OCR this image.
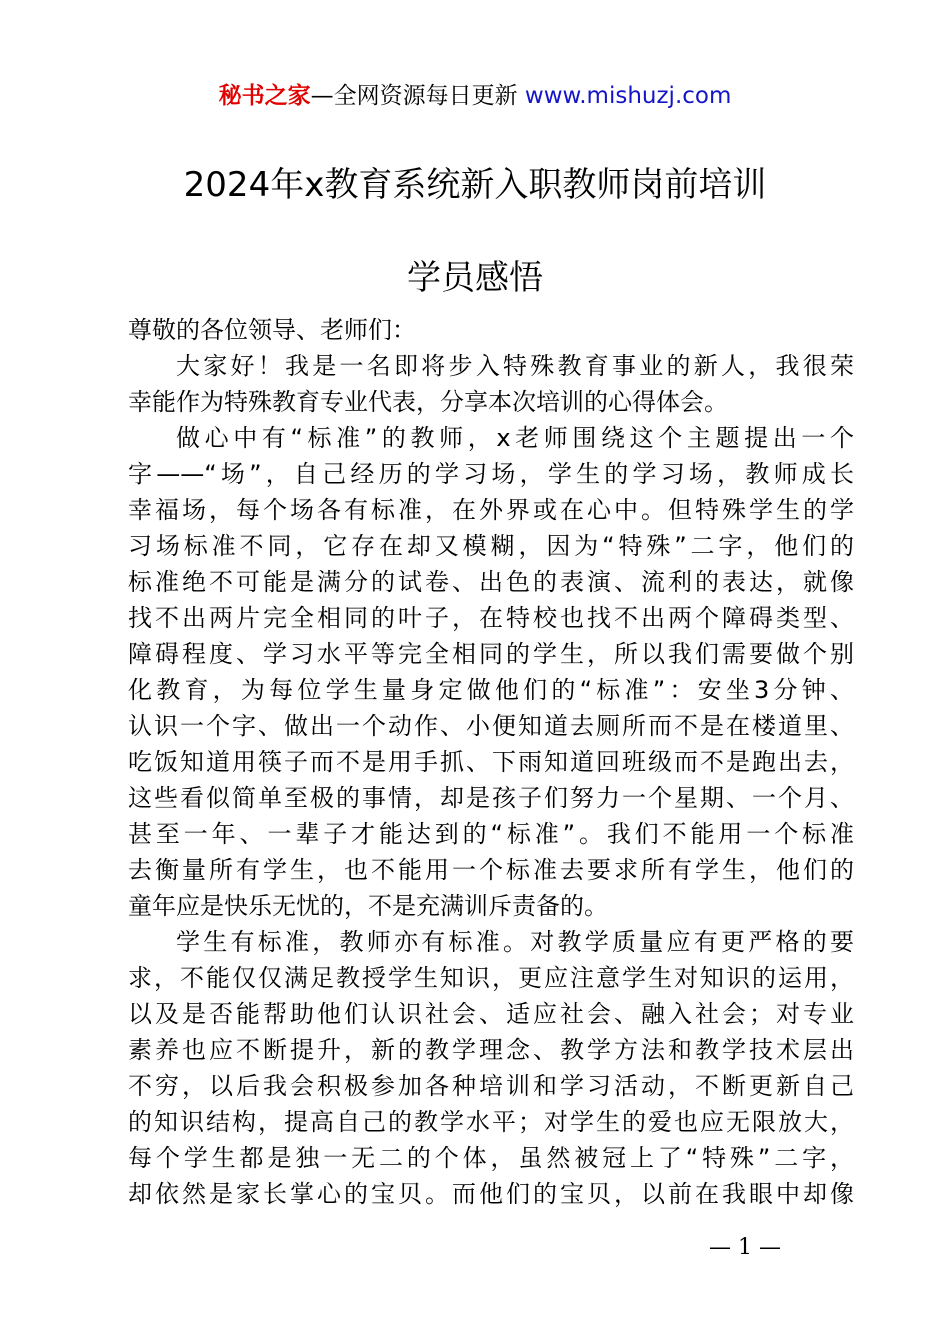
秘书之家—全网资源每日更新 www.mishuzj.com
2024年x教育系统新入职教师岗前培训
学员感悟
尊敬的各位领导、老师们：
大家好！我是一名即将步入特殊教育事业的新人，我很荣
幸能作为特殊教育专业代表，分享本次培训的心得体会。
做心中有“标准”的教师，x老师围绕这个主题提出一个
字——“场”，自己经历的学习场，学生的学习场，教师成长
幸福场，每个场各有标准，在外界或在心中。但特殊学生的学
习场标准不同，它存在却又模糊，因为“特殊”二字，他们的
标准绝不可能是满分的试卷、出色的表演、流利的表达，就像
找不出两片完全相同的叶子，在特校也找不出两个障碍类型、
障碍程度、学习水平等完全相同的学生，所以我们需要做个别
化教育，为每位学生量身定做他们的“标准”：安坐3分钟、
认识一个字、做出一个动作、小便知道去厕所而不是在楼道里、
吃饭知道用筷子而不是用手抓、下雨知道回班级而不是跑出去，
这些看似简单至极的事情，却是孩子们努力一个星期、一个月、
甚至一年、一辈子才能达到的“标准”。我们不能用一个标准
去衡量所有学生，也不能用一个标准去要求所有学生，他们的
童年应是快乐无忧的，不是充满训斥责备的。
学生有标准，教师亦有标准。对教学质量应有更严格的要
求，不能仅仅满足教授学生知识，更应注意学生对知识的运用，
以及是否能帮助他们认识社会、适应社会、融入社会；对专业
素养也应不断提升，新的教学理念、教学方法和教学技术层出
不穷，以后我会积极参加各种培训和学习活动，不断更新自己
的知识结构，提高自己的教学水平；对学生的爱也应无限放大，
每个学生都是独一无二的个体，虽然被冠上了“特殊”二字，
却依然是家长掌心的宝贝。而他们的宝贝，以前在我眼中却像
— 1 —
